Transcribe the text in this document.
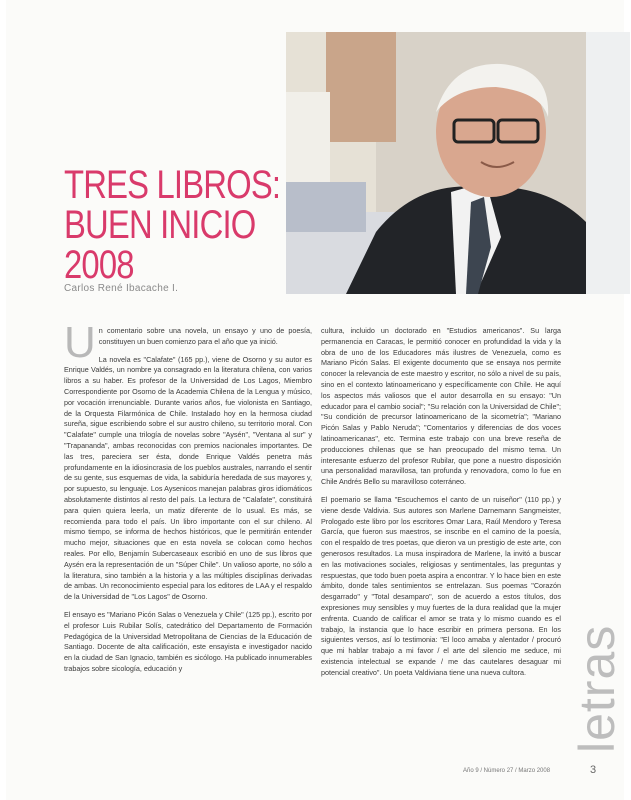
TRES LIBROS:
BUEN INICIO
2008
Carlos René Ibacache I.

Un comentario sobre una novela, un ensayo y uno de poesía, constituyen un buen comienzo para el año que ya inició.

La novela es "Calafate" (165 pp.), viene de Osorno y su autor es Enrique Valdés, un nombre ya consagrado en la literatura chilena, con varios libros a su haber. Es profesor de la Universidad de Los Lagos, Miembro Correspondiente por Osorno de la Academia Chilena de la Lengua y músico, por vocación irrenunciable. Durante varios años, fue violonista en Santiago, de la Orquesta Filarmónica de Chile. Instalado hoy en la hermosa ciudad sureña, sigue escribiendo sobre el sur austro chileno, su territorio moral. Con "Calafate" cumple una trilogía de novelas sobre "Aysén", "Ventana al sur" y "Trapananda", ambas reconocidas con premios nacionales importantes. De las tres, pareciera ser ésta, donde Enrique Valdés penetra más profundamente en la idiosincrasia de los pueblos australes, narrando el sentir de su gente, sus esquemas de vida, la sabiduría heredada de sus mayores y, por supuesto, su lenguaje. Los Aysenicos manejan palabras giros idiomáticos absolutamente distintos al resto del país. La lectura de "Calafate", constituirá para quien quiera leerla, un matiz diferente de lo usual. Es más, se recomienda para todo el país. Un libro importante con el sur chileno. Al mismo tiempo, se informa de hechos históricos, que le permitirán entender mucho mejor, situaciones que en esta novela se colocan como hechos reales. Por ello, Benjamín Subercaseaux escribió en uno de sus libros que Aysén era la representación de un "Súper Chile". Un valioso aporte, no sólo a la literatura, sino también a la historia y a las múltiples disciplinas derivadas de ambas. Un reconocimiento especial para los editores de LAA y el respaldo de la Universidad de "Los Lagos" de Osorno.

El ensayo es "Mariano Picón Salas o Venezuela y Chile" (125 pp.), escrito por el profesor Luis Rubilar Solís, catedrático del Departamento de Formación Pedagógica de la Universidad Metropolitana de Ciencias de la Educación de Santiago. Docente de alta calificación, este ensayista e investigador nacido en la ciudad de San Ignacio, también es sicólogo. Ha publicado innumerables trabajos sobre sicología, educación y

cultura, incluido un doctorado en "Estudios americanos". Su larga permanencia en Caracas, le permitió conocer en profundidad la vida y la obra de uno de los Educadores más ilustres de Venezuela, como es Mariano Picón Salas. El exigente documento que se ensaya nos permite conocer la relevancia de este maestro y escritor, no sólo a nivel de su país, sino en el contexto latinoamericano y específicamente con Chile. He aquí los aspectos más valiosos que el autor desarrolla en su ensayo: "Un educador para el cambio social"; "Su relación con la Universidad de Chile"; "Su condición de precursor latinoamericano de la sicometría"; "Mariano Picón Salas y Pablo Neruda"; "Comentarios y diferencias de dos voces latinoamericanas", etc. Termina este trabajo con una breve reseña de producciones chilenas que se han preocupado del mismo tema. Un interesante esfuerzo del profesor Rubilar, que pone a nuestro disposición una personalidad maravillosa, tan profunda y renovadora, como lo fue en Chile Andrés Bello su maravilloso coterráneo.

El poemario se llama "Escuchemos el canto de un ruiseñor" (110 pp.) y viene desde Valdivia. Sus autores son Marlene Darnemann Sangmeister, Prologado este libro por los escritores Omar Lara, Raúl Mendoro y Teresa García, que fueron sus maestros, se inscribe en el camino de la poesía, con el respaldo de tres poetas, que dieron va un prestigio de este arte, con generosos resultados. La musa inspiradora de Marlene, la invitó a buscar en las motivaciones sociales, religiosas y sentimentales, las preguntas y respuestas, que todo buen poeta aspira a encontrar. Y lo hace bien en este ámbito, donde tales sentimientos se entrelazan. Sus poemas "Corazón desgarrado" y "Total desamparo", son de acuerdo a estos títulos, dos expresiones muy sensibles y muy fuertes de la dura realidad que la mujer enfrenta. Cuando de calificar el amor se trata y lo mismo cuando es el trabajo, la instancia que lo hace escribir en primera persona. En los siguientes versos, así lo testimonia: "El loco amaba y alentador / procuró que mi hablar trabajo a mi favor / el arte del silencio me seduce, mi existencia intelectual se expande / me das cautelares desaguar mi potencial creativo". Un poeta Valdiviana tiene una nueva cultora. letras
Año 9 / Número 27 / Marzo 2008	3
